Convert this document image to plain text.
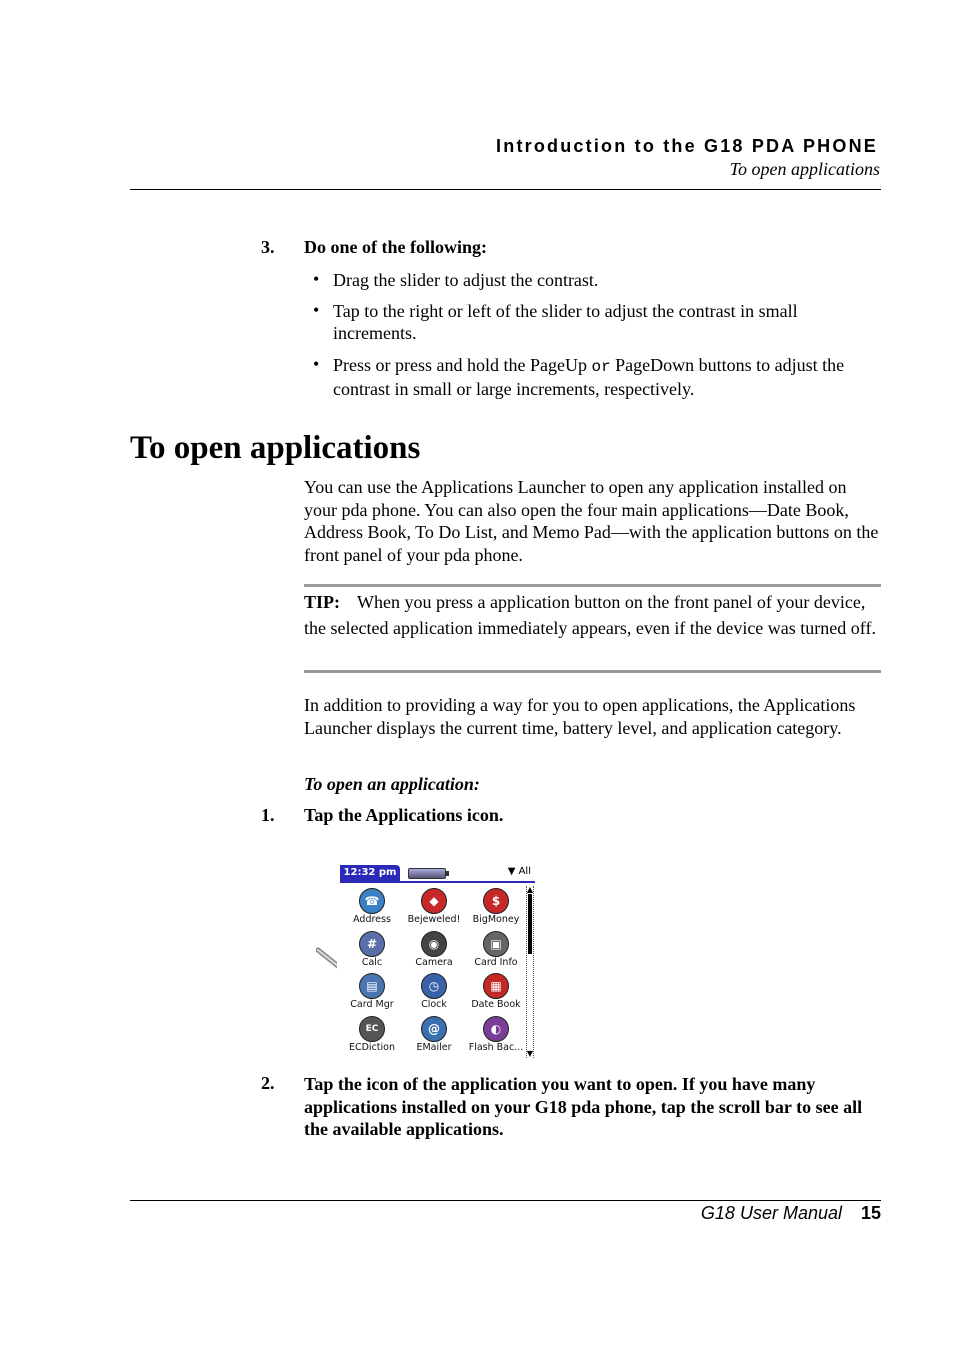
Introduction to the G18 PDA PHONE
To open applications
3. Do one of the following:
• Drag the slider to adjust the contrast.
• Tap to the right or left of the slider to adjust the contrast in small increments.
• Press or press and hold the PageUp or PageDown buttons to adjust the contrast in small or large increments, respectively.
To open applications
You can use the Applications Launcher to open any application installed on your pda phone. You can also open the four main applications—Date Book, Address Book, To Do List, and Memo Pad—with the application buttons on the front panel of your pda phone.
TIP: When you press a application button on the front panel of your device, the selected application immediately appears, even if the device was turned off.
In addition to providing a way for you to open applications, the Applications Launcher displays the current time, battery level, and application category.
To open an application:
1. Tap the Applications icon.
12:32 pm	▼ All
☎
Address
◆
Bejeweled!
$
BigMoney
#
Calc
◉
Camera
▣
Card Info
▤
Card Mgr
◷
Clock
▦
Date Book
EC
ECDiction
@
EMailer
◐
Flash Bac...
▲
▼
2. Tap the icon of the application you want to open. If you have many applications installed on your G18 pda phone, tap the scroll bar to see all the available applications.
G18 User Manual 15
